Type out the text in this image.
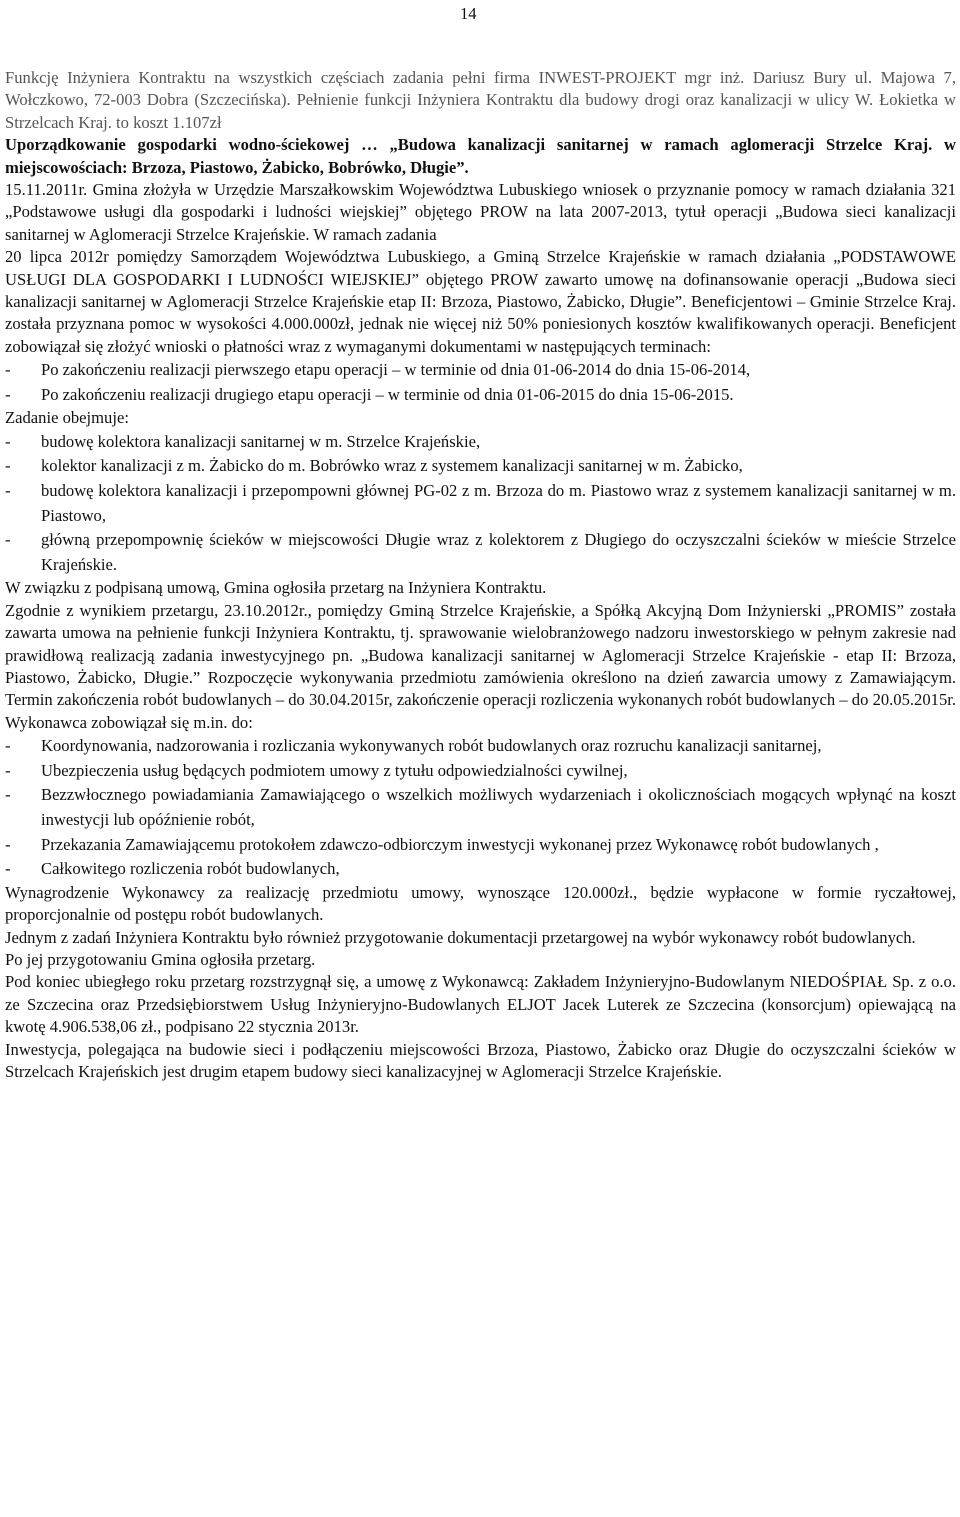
14

Funkcję Inżyniera Kontraktu na wszystkich częściach zadania pełni firma INWEST-PROJEKT mgr inż. Dariusz Bury ul. Majowa 7, Wołczkowo, 72-003 Dobra (Szczecińska). Pełnienie funkcji Inżyniera Kontraktu dla budowy drogi oraz kanalizacji w ulicy W. Łokietka w Strzelcach Kraj. to koszt 1.107zł

Uporządkowanie gospodarki wodno-ściekowej … „Budowa kanalizacji sanitarnej w ramach aglomeracji Strzelce Kraj. w miejscowościach: Brzoza, Piastowo, Żabicko, Bobrówko, Długie”.

15.11.2011r. Gmina złożyła w Urzędzie Marszałkowskim Województwa Lubuskiego wniosek o przyznanie pomocy w ramach działania 321 „Podstawowe usługi dla gospodarki i ludności wiejskiej” objętego PROW na lata 2007-2013, tytuł operacji „Budowa sieci kanalizacji sanitarnej w Aglomeracji Strzelce Krajeńskie. W ramach zadania

20 lipca 2012r pomiędzy Samorządem Województwa Lubuskiego, a Gminą Strzelce Krajeńskie w ramach działania „PODSTAWOWE USŁUGI DLA GOSPODARKI I LUDNOŚCI WIEJSKIEJ” objętego PROW zawarto umowę na dofinansowanie operacji „Budowa sieci kanalizacji sanitarnej w Aglomeracji Strzelce Krajeńskie etap II: Brzoza, Piastowo, Żabicko, Długie”. Beneficjentowi – Gminie Strzelce Kraj. została przyznana pomoc w wysokości 4.000.000zł, jednak nie więcej niż 50% poniesionych kosztów kwalifikowanych operacji. Beneficjent zobowiązał się złożyć wnioski o płatności wraz z wymaganymi dokumentami w następujących terminach:

- Po zakończeniu realizacji pierwszego etapu operacji – w terminie od dnia 01-06-2014 do dnia 15-06-2014,
- Po zakończeniu realizacji drugiego etapu operacji – w terminie od dnia 01-06-2015 do dnia 15-06-2015.

Zadanie obejmuje:

- budowę kolektora kanalizacji sanitarnej w m. Strzelce Krajeńskie,
- kolektor kanalizacji z m. Żabicko do m. Bobrówko wraz z systemem kanalizacji sanitarnej w m. Żabicko,
- budowę kolektora kanalizacji i przepompowni głównej PG-02 z m. Brzoza do m. Piastowo wraz z systemem kanalizacji sanitarnej w m. Piastowo,
- główną przepompownię ścieków w miejscowości Długie wraz z kolektorem z Długiego do oczyszczalni ścieków w mieście Strzelce Krajeńskie.

W związku z podpisaną umową, Gmina ogłosiła przetarg na Inżyniera Kontraktu.

Zgodnie z wynikiem przetargu, 23.10.2012r., pomiędzy Gminą Strzelce Krajeńskie, a Spółką Akcyjną Dom Inżynierski „PROMIS” została zawarta umowa na pełnienie funkcji Inżyniera Kontraktu, tj. sprawowanie wielobranżowego nadzoru inwestorskiego w pełnym zakresie nad prawidłową realizacją zadania inwestycyjnego pn. „Budowa kanalizacji sanitarnej w Aglomeracji Strzelce Krajeńskie - etap II: Brzoza, Piastowo, Żabicko, Długie.” Rozpoczęcie wykonywania przedmiotu zamówienia określono na dzień zawarcia umowy z Zamawiającym. Termin zakończenia robót budowlanych – do 30.04.2015r, zakończenie operacji rozliczenia wykonanych robót budowlanych – do 20.05.2015r. Wykonawca zobowiązał się m.in. do:

- Koordynowania, nadzorowania i rozliczania wykonywanych robót budowlanych oraz rozruchu kanalizacji sanitarnej,
- Ubezpieczenia usług będących podmiotem umowy z tytułu odpowiedzialności cywilnej,
- Bezzwłocznego powiadamiania Zamawiającego o wszelkich możliwych wydarzeniach i okolicznościach mogących wpłynąć na koszt inwestycji lub opóźnienie robót,
- Przekazania Zamawiającemu protokołem zdawczo-odbiorczym inwestycji wykonanej przez Wykonawcę robót budowlanych ,
- Całkowitego rozliczenia robót budowlanych,

Wynagrodzenie Wykonawcy za realizację przedmiotu umowy, wynoszące 120.000zł., będzie wypłacone w formie ryczałtowej, proporcjonalnie od postępu robót budowlanych.

Jednym z zadań Inżyniera Kontraktu było również przygotowanie dokumentacji przetargowej na wybór wykonawcy robót budowlanych.

Po jej przygotowaniu Gmina ogłosiła przetarg.

Pod koniec ubiegłego roku przetarg rozstrzygnął się, a umowę z Wykonawcą: Zakładem Inżynieryjno-Budowlanym NIEDOŚPIAŁ Sp. z o.o. ze Szczecina oraz Przedsiębiorstwem Usług Inżynieryjno-Budowlanych ELJOT Jacek Luterek ze Szczecina (konsorcjum) opiewającą na kwotę 4.906.538,06 zł., podpisano 22 stycznia 2013r.

Inwestycja, polegająca na budowie sieci i podłączeniu miejscowości Brzoza, Piastowo, Żabicko oraz Długie do oczyszczalni ścieków w Strzelcach Krajeńskich jest drugim etapem budowy sieci kanalizacyjnej w Aglomeracji Strzelce Krajeńskie.
